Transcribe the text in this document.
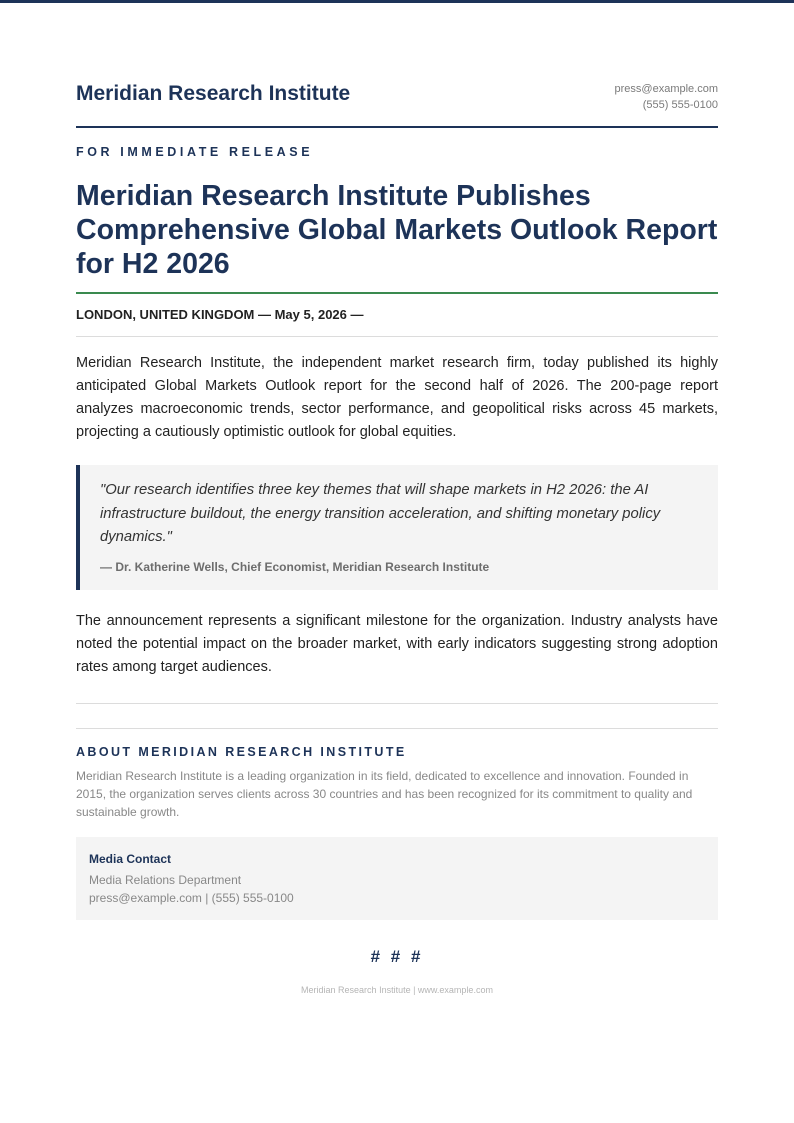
Meridian Research Institute	press@example.com
(555) 555-0100
FOR IMMEDIATE RELEASE
Meridian Research Institute Publishes Comprehensive Global Markets Outlook Report for H2 2026
LONDON, UNITED KINGDOM — May 5, 2026 —

Meridian Research Institute, the independent market research firm, today published its highly anticipated Global Markets Outlook report for the second half of 2026. The 200-page report analyzes macroeconomic trends, sector performance, and geopolitical risks across 45 markets, projecting a cautiously optimistic outlook for global equities.

"Our research identifies three key themes that will shape markets in H2 2026: the AI infrastructure buildout, the energy transition acceleration, and shifting monetary policy dynamics."

— Dr. Katherine Wells, Chief Economist, Meridian Research Institute

The announcement represents a significant milestone for the organization. Industry analysts have noted the potential impact on the broader market, with early indicators suggesting strong adoption rates among target audiences.

ABOUT MERIDIAN RESEARCH INSTITUTE

Meridian Research Institute is a leading organization in its field, dedicated to excellence and innovation. Founded in 2015, the organization serves clients across 30 countries and has been recognized for its commitment to quality and sustainable growth.

Media Contact
Media Relations Department
press@example.com | (555) 555-0100
# # #
Meridian Research Institute | www.example.com
